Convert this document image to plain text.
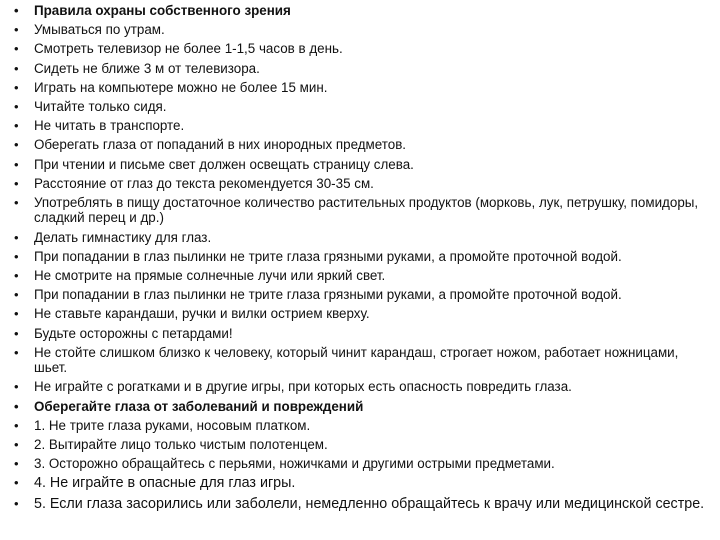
• Правила охраны собственного зрения
• Умываться по утрам.
• Смотреть телевизор не более 1-1,5 часов в день.
• Сидеть не ближе 3 м от телевизора.
• Играть на компьютере можно не более 15 мин.
• Читайте только сидя.
• Не читать в транспорте.
• Оберегать глаза от попаданий в них инородных предметов.
• При чтении и письме свет должен освещать страницу слева.
• Расстояние от глаз до текста рекомендуется 30-35 см.
• Употреблять в пищу достаточное количество растительных продуктов (морковь, лук, петрушку, помидоры, сладкий перец и др.)
• Делать гимнастику для глаз.
• При попадании в глаз пылинки не трите глаза грязными руками, а промойте проточной водой.
• Не смотрите на прямые солнечные лучи или яркий свет.
• При попадании в глаз пылинки не трите глаза грязными руками, а промойте проточной водой.
• Не ставьте карандаши, ручки и вилки острием кверху.
• Будьте осторожны с петардами!
• Не стойте слишком близко к человеку, который чинит карандаш, строгает ножом, работает ножницами, шьет.
• Не играйте с рогатками и в другие игры, при которых есть опасность повредить глаза.
• Оберегайте глаза от заболеваний и повреждений
• 1. Не трите глаза руками, носовым платком.
• 2. Вытирайте лицо только чистым полотенцем.
• 3. Осторожно обращайтесь с перьями, ножичками и другими острыми предметами.
• 4. Не играйте в опасные для глаз игры.
• 5. Если глаза засорились или заболели, немедленно обращайтесь к врачу или медицинской сестре.
